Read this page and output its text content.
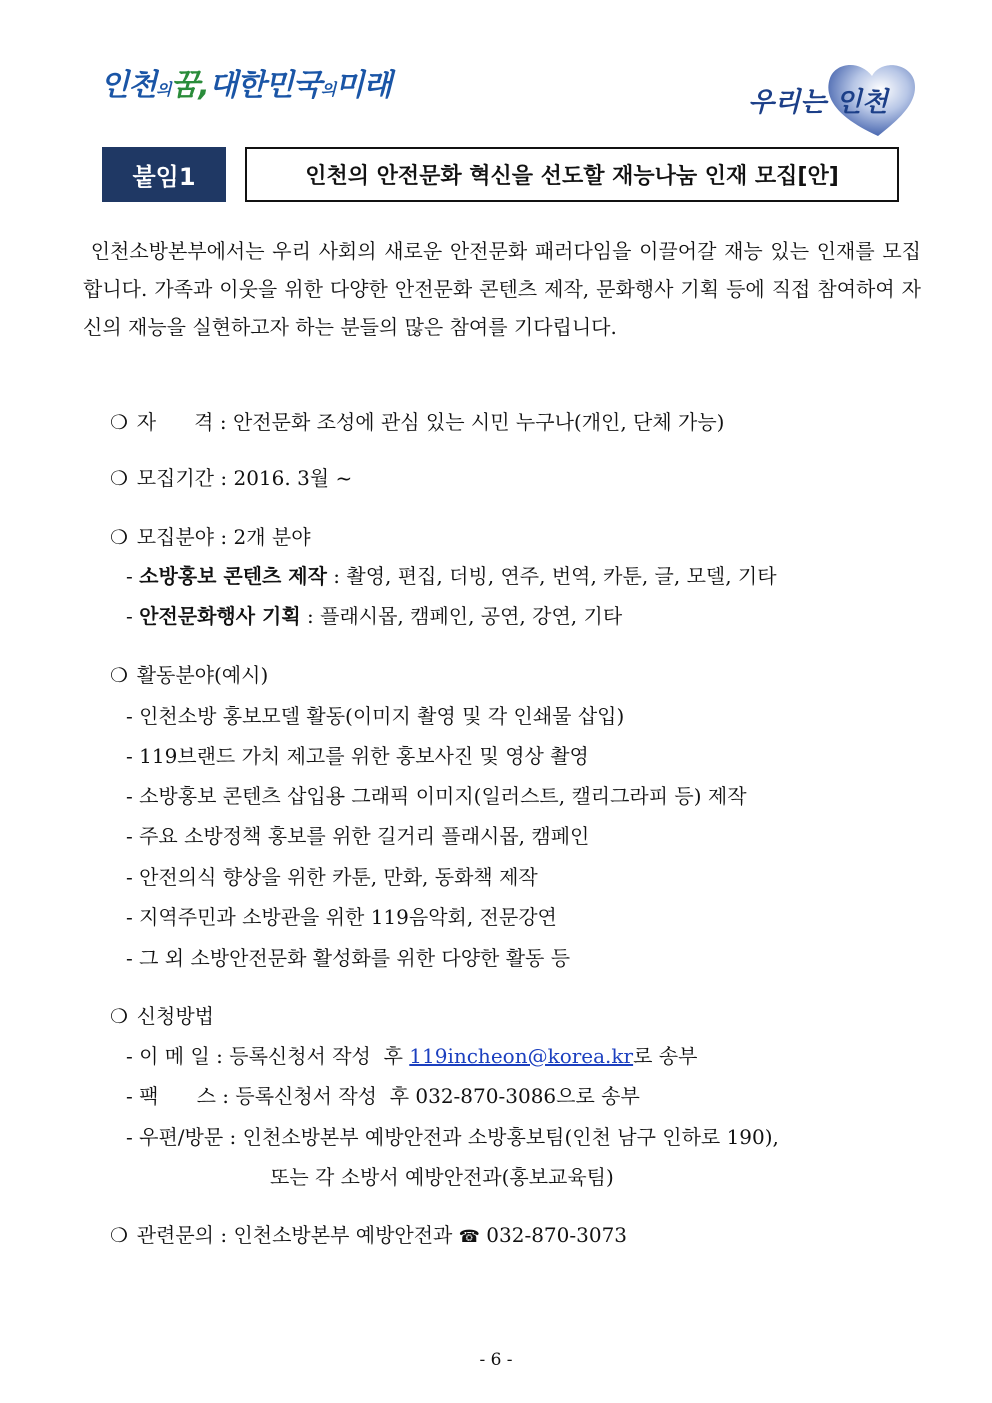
인천의꿈,대한민국의미래	우리는 인천
붙임1	인천의 안전문화 혁신을 선도할 재능나눔 인재 모집[안]

인천소방본부에서는 우리 사회의 새로운 안전문화 패러다임을 이끌어갈 재능 있는 인재를 모집합니다. 가족과 이웃을 위한 다양한 안전문화 콘텐츠 제작, 문화행사 기획 등에 직접 참여하여 자신의 재능을 실현하고자 하는 분들의 많은 참여를 기다립니다.

❍ 자      격 : 안전문화 조성에 관심 있는 시민 누구나(개인, 단체 가능)
❍ 모집기간 : 2016. 3월 ~
❍ 모집분야 : 2개 분야
- 소방홍보 콘텐츠 제작 : 촬영, 편집, 더빙, 연주, 번역, 카툰, 글, 모델, 기타
- 안전문화행사 기획 : 플래시몹, 캠페인, 공연, 강연, 기타
❍ 활동분야(예시)
- 인천소방 홍보모델 활동(이미지 촬영 및 각 인쇄물 삽입)
- 119브랜드 가치 제고를 위한 홍보사진 및 영상 촬영
- 소방홍보 콘텐츠 삽입용 그래픽 이미지(일러스트, 캘리그라피 등) 제작
- 주요 소방정책 홍보를 위한 길거리 플래시몹, 캠페인
- 안전의식 향상을 위한 카툰, 만화, 동화책 제작
- 지역주민과 소방관을 위한 119음악회, 전문강연
- 그 외 소방안전문화 활성화를 위한 다양한 활동 등
❍ 신청방법
- 이 메 일 : 등록신청서 작성  후 119incheon@korea.kr로 송부
- 팩      스 : 등록신청서 작성  후 032-870-3086으로 송부
- 우편/방문 : 인천소방본부 예방안전과 소방홍보팀(인천 남구 인하로 190),
또는 각 소방서 예방안전과(홍보교육팀)
❍ 관련문의 : 인천소방본부 예방안전과 ☎ 032-870-3073
- 6 -
